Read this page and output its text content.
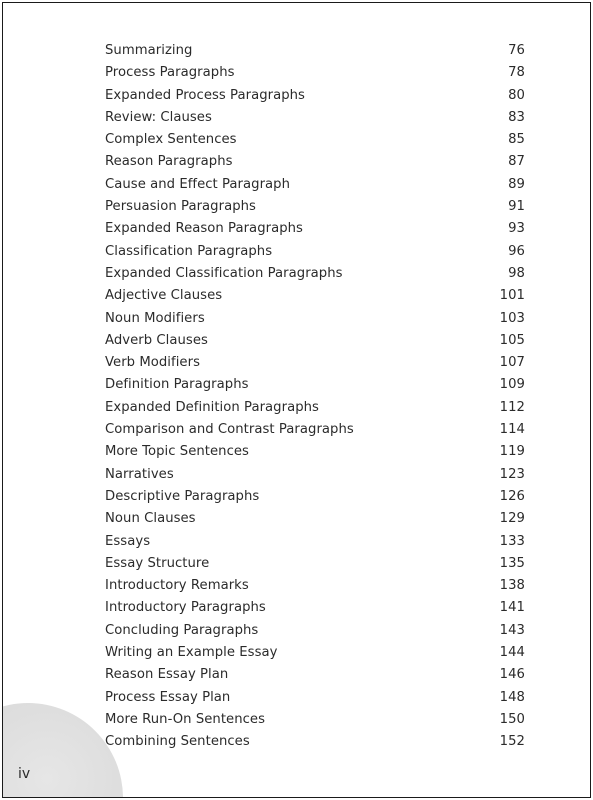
Summarizing	76
Process Paragraphs	78
Expanded Process Paragraphs	80
Review: Clauses	83
Complex Sentences	85
Reason Paragraphs	87
Cause and Effect Paragraph	89
Persuasion Paragraphs	91
Expanded Reason Paragraphs	93
Classification Paragraphs	96
Expanded Classification Paragraphs	98
Adjective Clauses	101
Noun Modifiers	103
Adverb Clauses	105
Verb Modifiers	107
Definition Paragraphs	109
Expanded Definition Paragraphs	112
Comparison and Contrast Paragraphs	114
More Topic Sentences	119
Narratives	123
Descriptive Paragraphs	126
Noun Clauses	129
Essays	133
Essay Structure	135
Introductory Remarks	138
Introductory Paragraphs	141
Concluding Paragraphs	143
Writing an Example Essay	144
Reason Essay Plan	146
Process Essay Plan	148
More Run-On Sentences	150
Combining Sentences	152
iv
